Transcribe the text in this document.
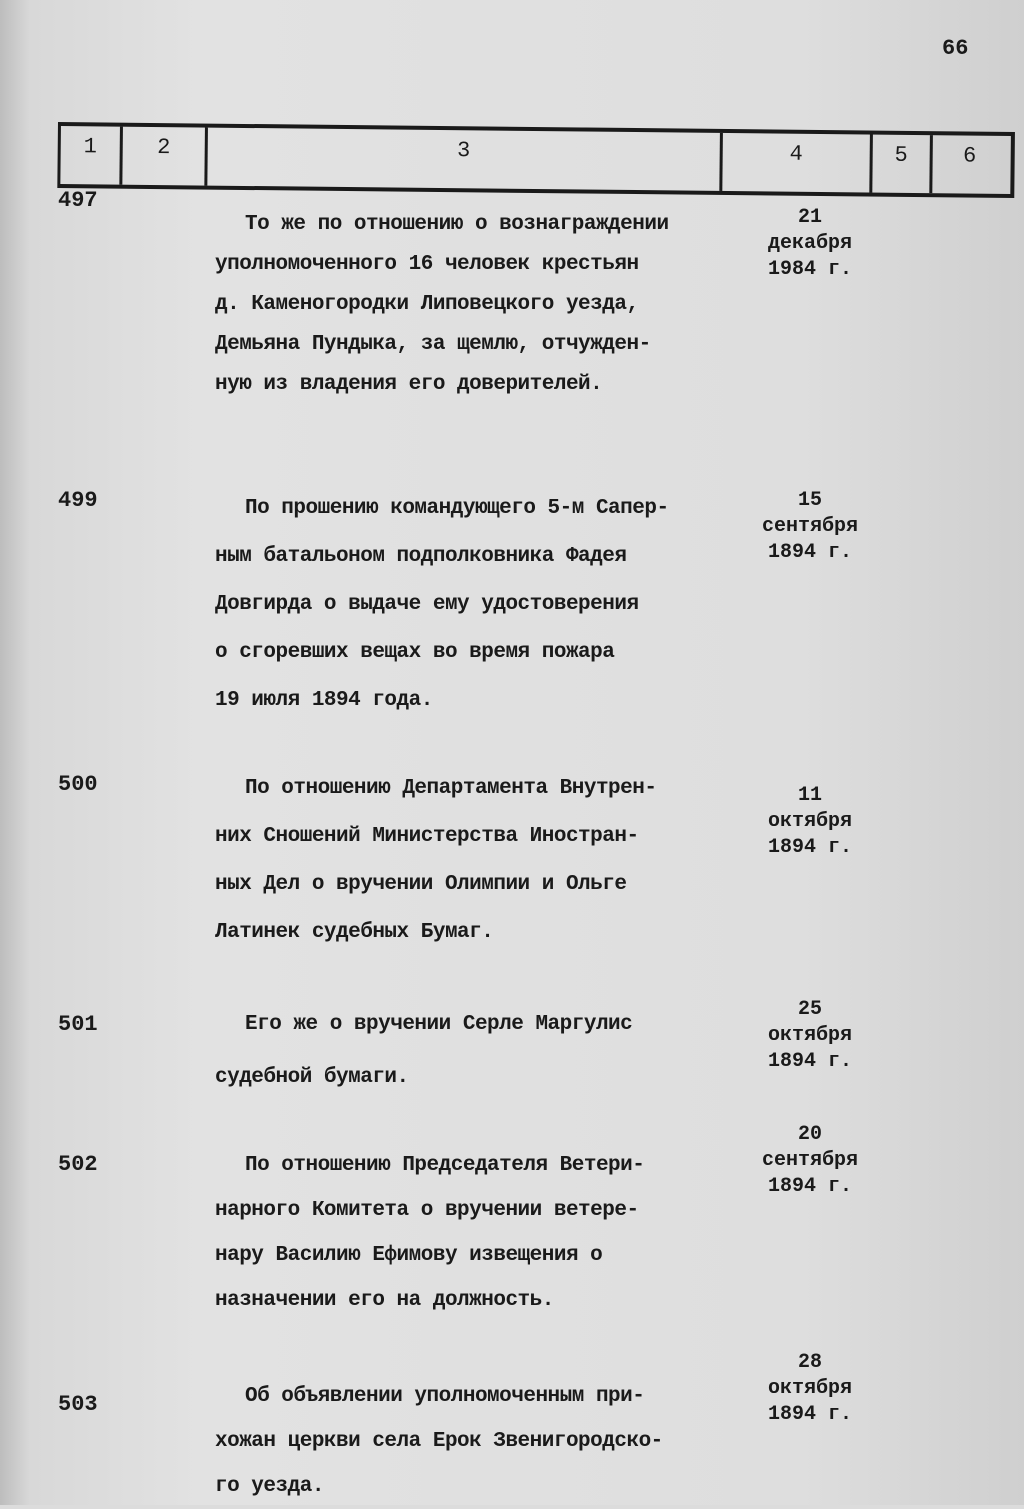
66
1	2	3	4	5	6
497
То же по отношению о вознаграждении
уполномоченного 16 человек крестьян
д. Каменогородки Липовецкого уезда,
Демьяна Пундыка, за щемлю, отчужден-
ную из владения его доверителей.
21
декабря
1984 г.
499	По прошению командующего 5-м Сапер-
ным батальоном подполковника Фадея
Довгирда о выдаче ему удостоверения
о сгоревших вещах во время пожара
19 июля 1894 года.
15
сентября
1894 г.
500	По отношению Департамента Внутрен-
них Сношений Министерства Иностран-
ных Дел о вручении Олимпии и Ольге
Латинек судебных Бумаг.
11
октября
1894 г.
501	Его же о вручении Серле Маргулис
судебной бумаги.
25
октября
1894 г.
502	По отношению Председателя Ветери-
нарного Комитета о вручении ветере-
нару Василию Ефимову извещения о
назначении его на должность.
20
сентября
1894 г.
503	Об объявлении уполномоченным при-
хожан церкви села Ерок Звенигородско-
го уезда.
28
октября
1894 г.
